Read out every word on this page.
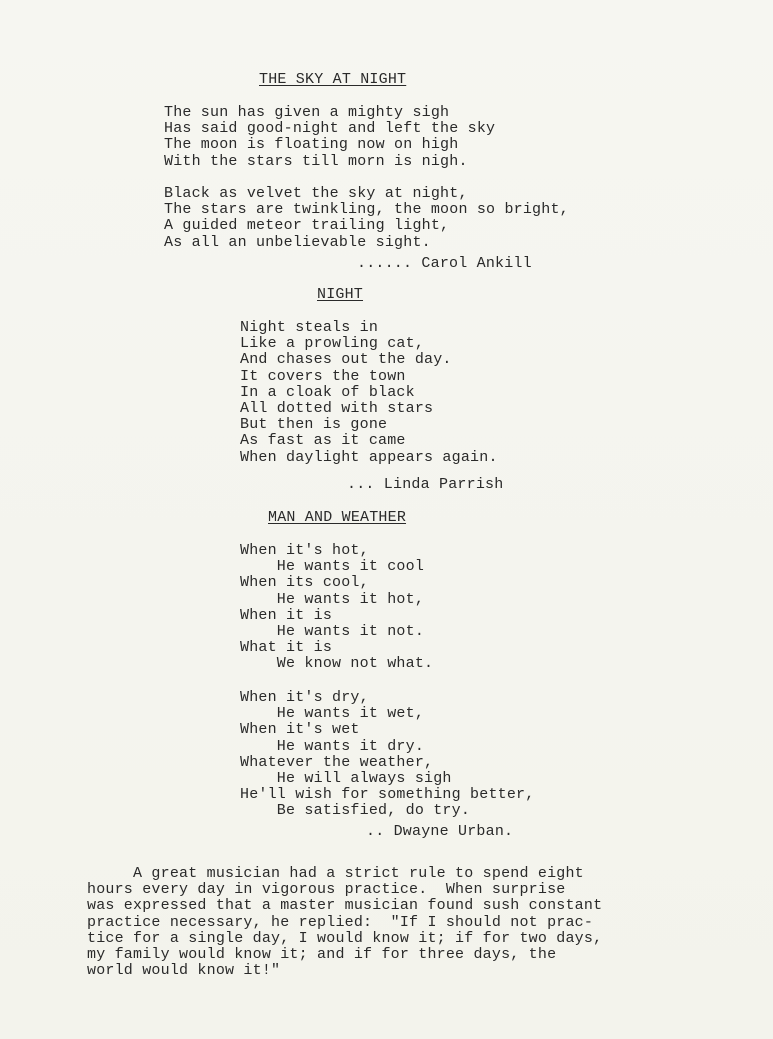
THE SKY AT NIGHT
The sun has given a mighty sigh
Has said good-night and left the sky
The moon is floating now on high
With the stars till morn is nigh.
Black as velvet the sky at night,
The stars are twinkling, the moon so bright,
A guided meteor trailing light,
As all an unbelievable sight.
...... Carol Ankill
NIGHT
Night steals in
Like a prowling cat,
And chases out the day.
It covers the town
In a cloak of black
All dotted with stars
But then is gone
As fast as it came
When daylight appears again.
... Linda Parrish
MAN AND WEATHER
When it's hot,
He wants it cool
When its cool,
He wants it hot,
When it is
He wants it not.
What it is
We know not what.
When it's dry,
He wants it wet,
When it's wet
He wants it dry.
Whatever the weather,
He will always sigh
He'll wish for something better,
Be satisfied, do try.
.. Dwayne Urban.
A great musician had a strict rule to spend eight
hours every day in vigorous practice.  When surprise
was expressed that a master musician found sush constant
practice necessary, he replied:  "If I should not prac-
tice for a single day, I would know it; if for two days,
my family would know it; and if for three days, the
world would know it!"
